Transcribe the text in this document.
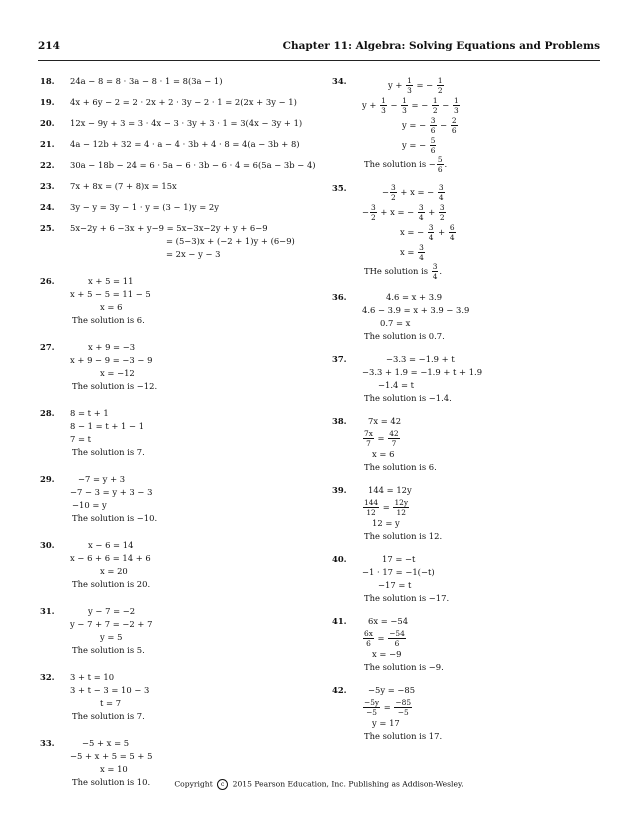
214	Chapter 11: Algebra: Solving Equations and Problems
18.	24a − 8 = 8 · 3a − 8 · 1 = 8(3a − 1)
19.	4x + 6y − 2 = 2 · 2x + 2 · 3y − 2 · 1 = 2(2x + 3y − 1)
20.	12x − 9y + 3 = 3 · 4x − 3 · 3y + 3 · 1 = 3(4x − 3y + 1)
21.	4a − 12b + 32 = 4 · a − 4 · 3b + 4 · 8 = 4(a − 3b + 8)
22.	30a − 18b − 24 = 6 · 5a − 6 · 3b − 6 · 4 = 6(5a − 3b − 4)
23.	7x + 8x = (7 + 8)x = 15x
24.	3y − y = 3y − 1 · y = (3 − 1)y = 2y
25.	5x−2y + 6 −3x + y−9 = 5x−3x−2y + y + 6−9
= (5−3)x + (−2 + 1)y + (6−9)
= 2x − y − 3
26.	x + 5 = 11
x + 5 − 5 = 11 − 5
x = 6
The solution is 6.
27.	x + 9 = −3
x + 9 − 9 = −3 − 9
x = −12
The solution is −12.
28.	8 = t + 1
8 − 1 = t + 1 − 1
7 = t
The solution is 7.
29.	−7 = y + 3
−7 − 3 = y + 3 − 3
−10 = y
The solution is −10.
30.	x − 6 = 14
x − 6 + 6 = 14 + 6
x = 20
The solution is 20.
31.	y − 7 = −2
y − 7 + 7 = −2 + 7
y = 5
The solution is 5.
32.	3 + t = 10
3 + t − 3 = 10 − 3
t = 7
The solution is 7.
33.	−5 + x = 5
−5 + x + 5 = 5 + 5
x = 10
The solution is 10.
34.	$y + \frac{1}{3}$ = − $\frac{1}{2}$
$y + \frac{1}{3} - \frac{1}{3}$ = − $\frac{1}{2} - \frac{1}{3}$
y = − $\frac{3}{6} - \frac{2}{6}$
y = − $\frac{5}{6}$
The solution is − $\frac{5}{6}$ .
35.	− $\frac{3}{2} + x$ = − $\frac{3}{4}$
− $\frac{3}{2} + x$ = − $\frac{3}{4} + \frac{3}{2}$
x = − $\frac{3}{4} + \frac{6}{4}$
$x = \frac{3}{4}$
THe solution is $\frac{3}{4}$ .
36.	4.6 = x + 3.9
4.6 − 3.9 = x + 3.9 − 3.9
0.7 = x
The solution is 0.7.
37.	−3.3 = −1.9 + t
−3.3 + 1.9 = −1.9 + t + 1.9
−1.4 = t
The solution is −1.4.
38.	7x = 42
$\frac{7x}{7} = \frac{42}{7}$
x = 6
The solution is 6.
39.	144 = 12y
$\frac{144}{12} = \frac{12y}{12}$
12 = y
The solution is 12.
40.	17 = −t
−1 · 17 = −1(−t)
−17 = t
The solution is −17.
41.	6x = −54
$\frac{6x}{6} = \frac{-54}{6}$
x = −9
The solution is −9.
42.	−5y = −85
$\frac{-5y}{-5} = \frac{-85}{-5}$
y = 17
The solution is 17.
Copyright c 2015 Pearson Education, Inc. Publishing as Addison-Wesley.
